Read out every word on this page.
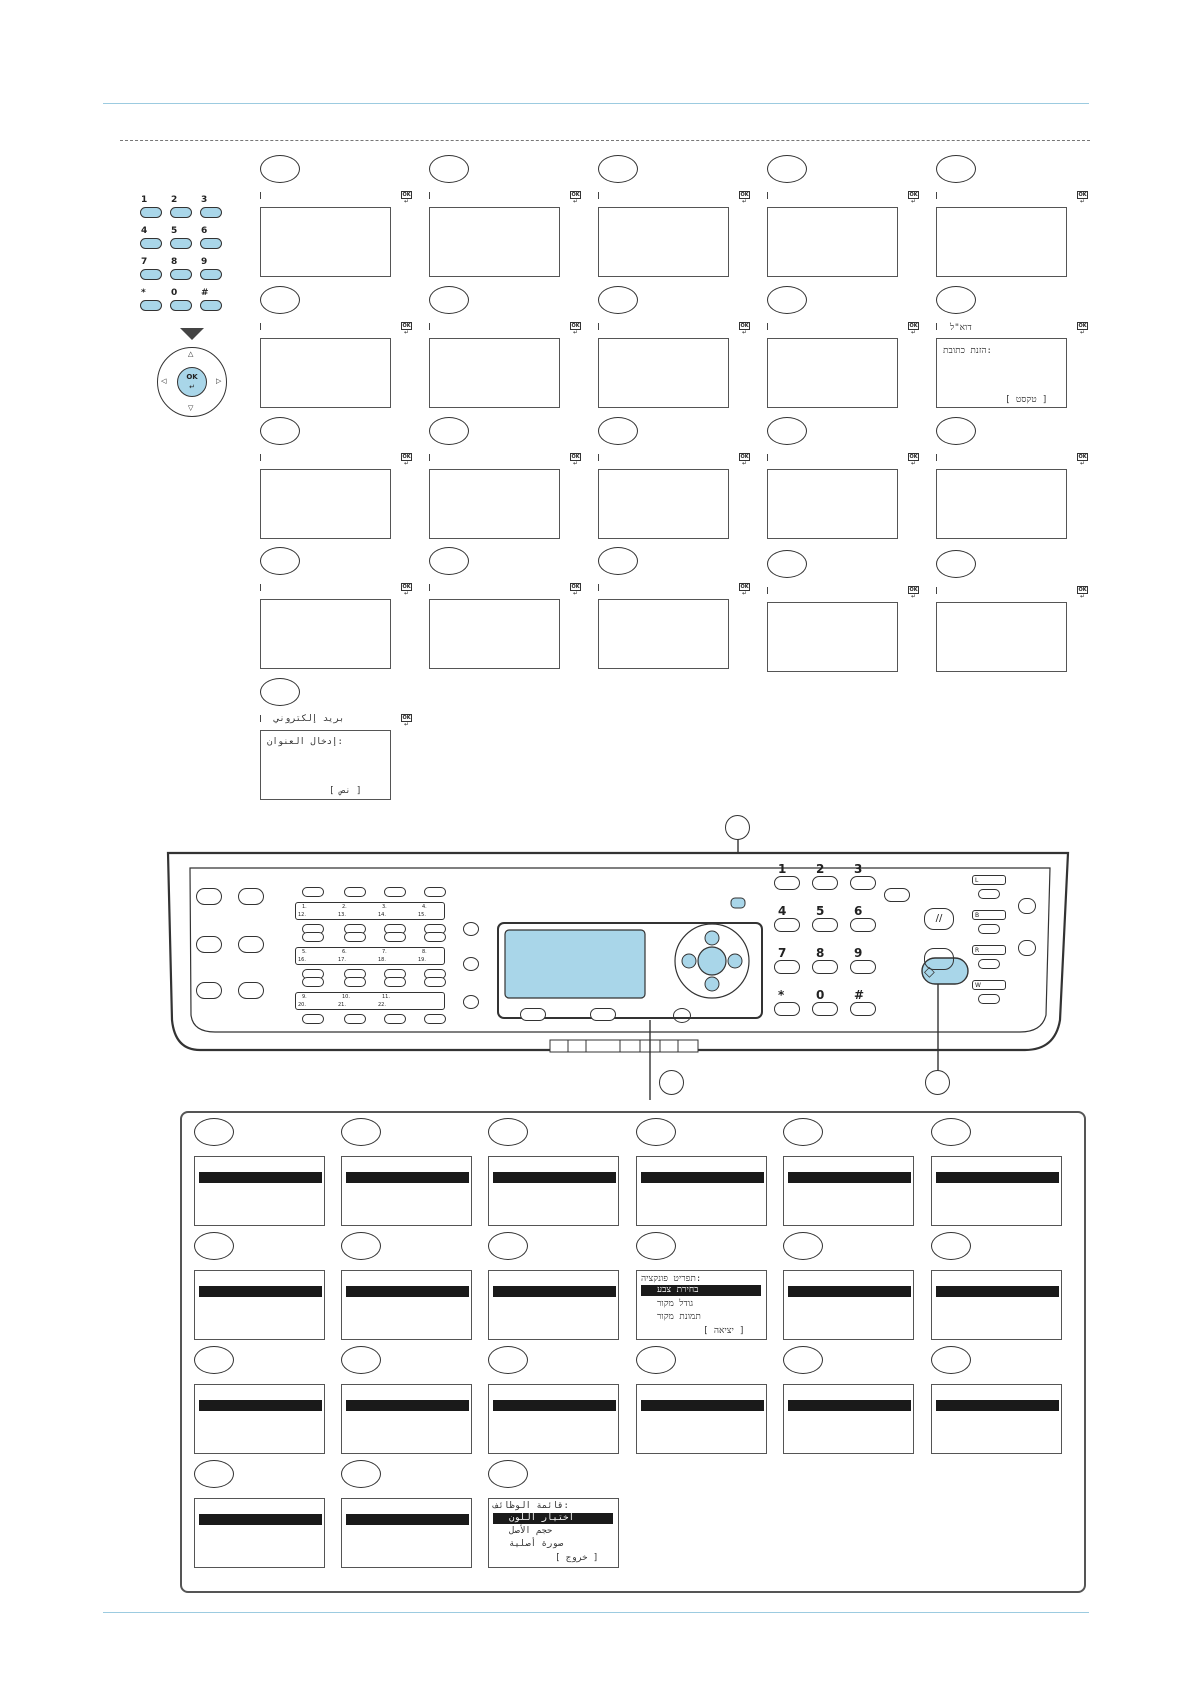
1	2	3
4	5	6
7	8	9
*	0	#
OK
↵
△
▽
◁	▷
OK
↵
OK
↵
OK
↵
OK
↵
OK
↵
OK
↵
OK
↵
OK
↵
OK
↵
OK
↵
הזנת כתובת:
[ טקסט ]
דוא"ל
OK
↵
OK
↵
OK
↵
OK
↵
OK
↵
OK
↵
OK
↵
OK
↵	OK
↵
OK
↵
OK
↵
إدخال العنوان:
[ نص ]
بريد إلكتروني
1.	2.	3.	4.
12.	13.	14.	15.
5.	6.	7.	8.
16.	17.	18.	19.
9.	10.	11.
20.	21.	22.
1 2 3
4 5 6
7 8 9
*	0 #
//
◇
L
B
R
W
תפריט פונקציה:
בחירת צבע
גודל מקור
תמונת מקור
[ יציאה ]
قائمة الوظائف:
اختيار اللون
حجم الأصل
صورة أصلية
[ خروج ]
